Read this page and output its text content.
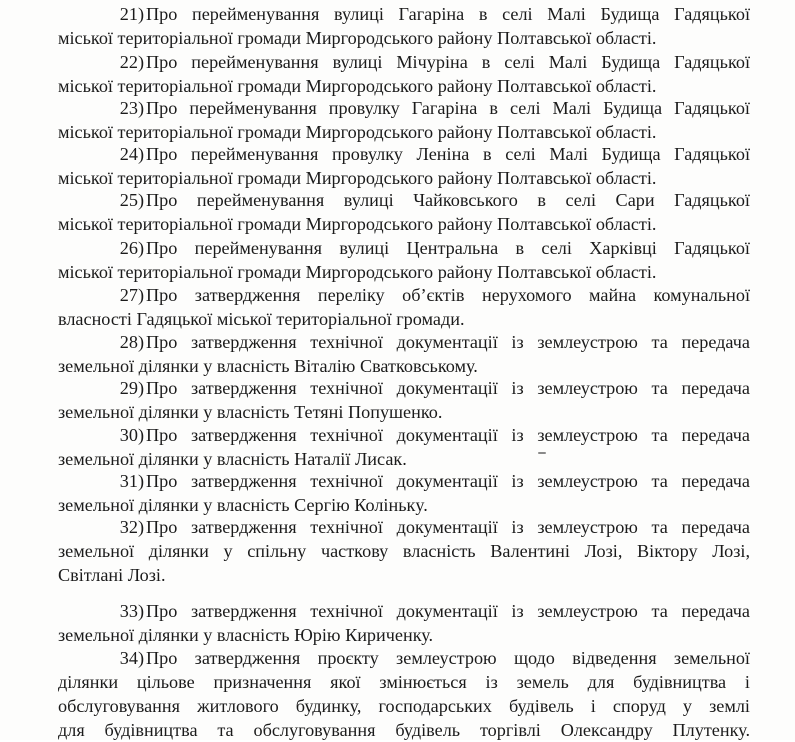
21) Про перейменування вулиці Гагаріна в селі Малі Будища Гадяцької
міської територіальної громади Миргородського району Полтавської області.
22) Про перейменування вулиці Мічуріна в селі Малі Будища Гадяцької
міської територіальної громади Миргородського району Полтавської області.
23) Про перейменування провулку Гагаріна в селі Малі Будища Гадяцької
міської територіальної громади Миргородського району Полтавської області.
24) Про перейменування провулку Леніна в селі Малі Будища Гадяцької
міської територіальної громади Миргородського району Полтавської області.
25) Про перейменування вулиці Чайковського в селі Сари Гадяцької
міської територіальної громади Миргородського району Полтавської області.
26) Про перейменування вулиці Центральна в селі Харківці Гадяцької
міської територіальної громади Миргородського району Полтавської області.
27) Про затвердження переліку об’єктів нерухомого майна комунальної
власності Гадяцької міської територіальної громади.
28) Про затвердження технічної документації із землеустрою та передача
земельної ділянки у власність Віталію Сватковському.
29) Про затвердження технічної документації із землеустрою та передача
земельної ділянки у власність Тетяні Попушенко.
30) Про затвердження технічної документації із землеустрою та передача
земельної ділянки у власність Наталії Лисак.
31) Про затвердження технічної документації із землеустрою та передача
земельної ділянки у власність Сергію Колінькy.
32) Про затвердження технічної документації із землеустрою та передача
земельної ділянки у спільну часткову власність Валентині Лозі, Віктору Лозі,
Світлані Лозі.
33) Про затвердження технічної документації із землеустрою та передача
земельної ділянки у власність Юрію Кириченку.
34) Про затвердження проєкту землеустрою щодо відведення земельної
ділянки цільове призначення якої змінюється із земель для будівництва і
обслуговування житлового будинку, господарських будівель і споруд у землі
для будівництва та обслуговування будівель торгівлі Олександру Плутенку.
